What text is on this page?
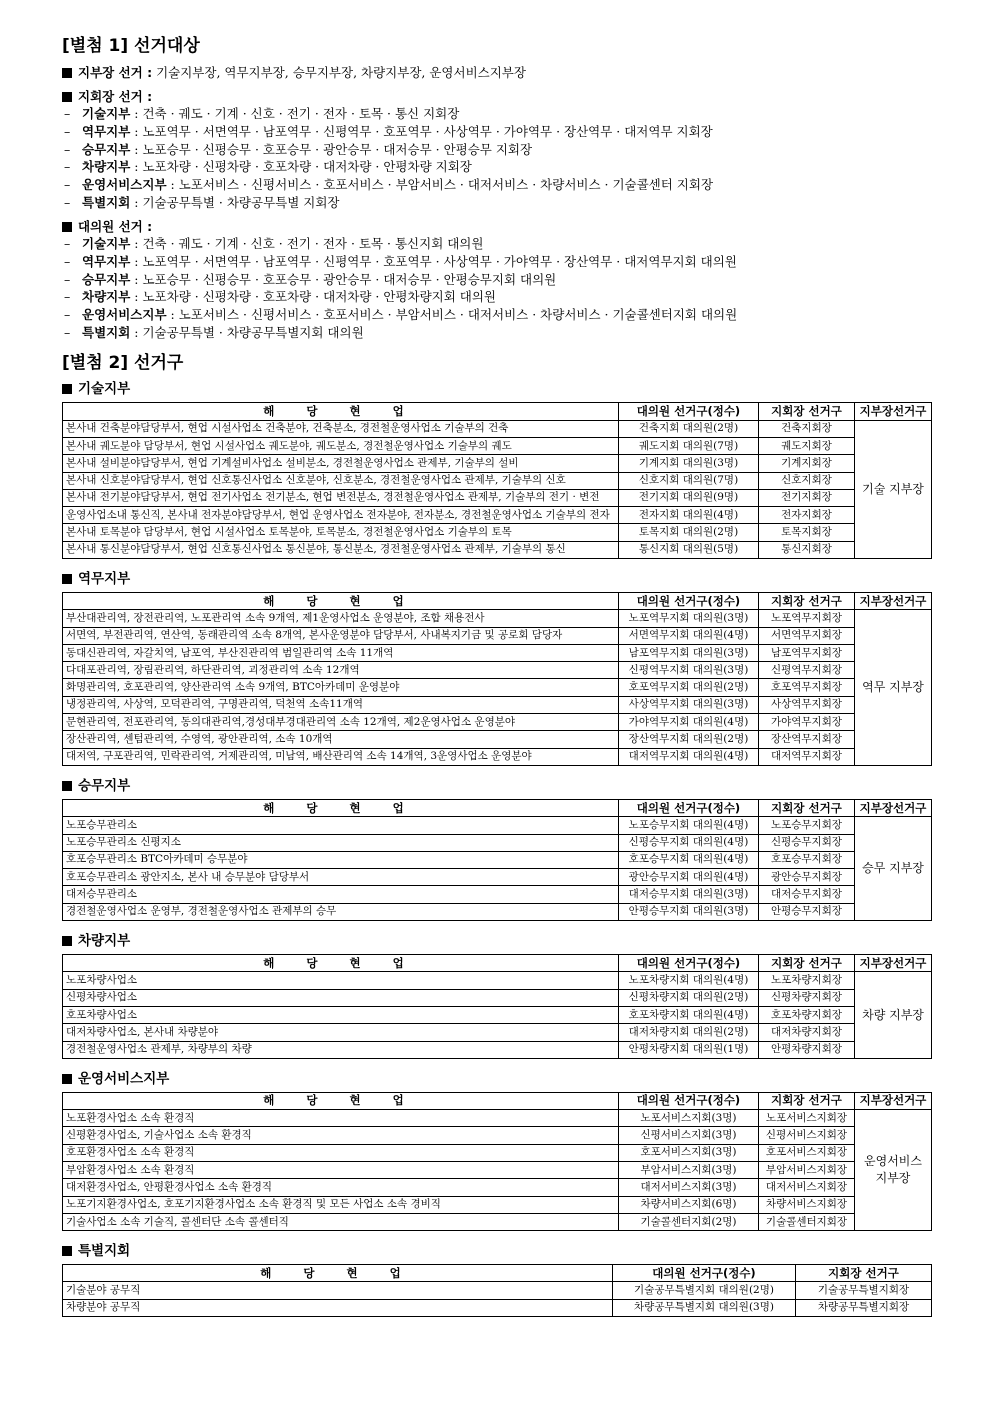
[별첨 1] 선거대상
지부장 선거 : 기술지부장, 역무지부장, 승무지부장, 차량지부장, 운영서비스지부장
지회장 선거 :
– 기술지부 : 건축 · 궤도 · 기계 · 신호 · 전기 · 전자 · 토목 · 통신 지회장
– 역무지부 : 노포역무 · 서면역무 · 남포역무 · 신평역무 · 호포역무 · 사상역무 · 가야역무 · 장산역무 · 대저역무 지회장
– 승무지부 : 노포승무 · 신평승무 · 호포승무 · 광안승무 · 대저승무 · 안평승무 지회장
– 차량지부 : 노포차량 · 신평차량 · 호포차량 · 대저차량 · 안평차량 지회장
– 운영서비스지부 : 노포서비스 · 신평서비스 · 호포서비스 · 부암서비스 · 대저서비스 · 차량서비스 · 기술콜센터 지회장
– 특별지회 : 기술공무특별 · 차량공무특별 지회장
대의원 선거 :
– 기술지부 : 건축 · 궤도 · 기계 · 신호 · 전기 · 전자 · 토목 · 통신지회 대의원
– 역무지부 : 노포역무 · 서면역무 · 남포역무 · 신평역무 · 호포역무 · 사상역무 · 가야역무 · 장산역무 · 대저역무지회 대의원
– 승무지부 : 노포승무 · 신평승무 · 호포승무 · 광안승무 · 대저승무 · 안평승무지회 대의원
– 차량지부 : 노포차량 · 신평차량 · 호포차량 · 대저차량 · 안평차량지회 대의원
– 운영서비스지부 : 노포서비스 · 신평서비스 · 호포서비스 · 부암서비스 · 대저서비스 · 차량서비스 · 기술콜센터지회 대의원
– 특별지회 : 기술공무특별 · 차량공무특별지회 대의원
[별첨 2] 선거구
기술지부
해 당 현 업	대의원 선거구(정수)	지회장 선거구	지부장선거구
본사내 건축분야담당부서, 현업 시설사업소 건축분야, 건축분소, 경전철운영사업소 기술부의 건축	건축지회 대의원(2명)	건축지회장	기술 지부장
본사내 궤도분야 담당부서, 현업 시설사업소 궤도분야, 궤도분소, 경전철운영사업소 기술부의 궤도	궤도지회 대의원(7명)	궤도지회장	
본사내 설비분야담당부서, 현업 기계설비사업소 설비분소, 경전철운영사업소 관제부, 기술부의 설비	기계지회 대의원(3명)	기계지회장	
본사내 신호분야담당부서, 현업 신호통신사업소 신호분야, 신호분소, 경전철운영사업소 관제부, 기술부의 신호	신호지회 대의원(7명)	신호지회장	
본사내 전기분야담당부서, 현업 전기사업소 전기분소, 현업 변전분소, 경전철운영사업소 관제부, 기술부의 전기 · 변전	전기지회 대의원(9명)	전기지회장	
운영사업소내 통신직, 본사내 전자분야담당부서, 현업 운영사업소 전자분야, 전자분소, 경전철운영사업소 기술부의 전자	전자지회 대의원(4명)	전자지회장	
본사내 토목분야 담당부서, 현업 시설사업소 토목분야, 토목분소, 경전철운영사업소 기술부의 토목	토목지회 대의원(2명)	토목지회장	
본사내 통신분야담당부서, 현업 신호통신사업소 통신분야, 통신분소, 경전철운영사업소 관제부, 기술부의 통신	통신지회 대의원(5명)	통신지회장	
역무지부
해 당 현 업	대의원 선거구(정수)	지회장 선거구	지부장선거구
부산대관리역, 장전관리역, 노포관리역 소속 9개역, 제1운영사업소 운영분야, 조합 채용전사	노포역무지회 대의원(3명)	노포역무지회장	역무 지부장
서면역, 부전관리역, 연산역, 동래관리역 소속 8개역, 본사운영분야 담당부서, 사내복지기금 및 공로회 담당자	서면역무지회 대의원(4명)	서면역무지회장	
동대신관리역, 자갈치역, 남포역, 부산진관리역 범일관리역 소속 11개역	남포역무지회 대의원(3명)	남포역무지회장	
다대포관리역, 장림관리역, 하단관리역, 괴정관리역 소속 12개역	신평역무지회 대의원(3명)	신평역무지회장	
화명관리역, 호포관리역, 양산관리역 소속 9개역, BTC아카데미 운영분야	호포역무지회 대의원(2명)	호포역무지회장	
냉정관리역, 사상역, 모덕관리역, 구명관리역, 덕천역 소속11개역	사상역무지회 대의원(3명)	사상역무지회장	
문현관리역, 전포관리역, 동의대관리역,경성대부경대관리역 소속 12개역, 제2운영사업소 운영분야	가야역무지회 대의원(4명)	가야역무지회장	
장산관리역, 센텀관리역, 수영역, 광안관리역, 소속 10개역	장산역무지회 대의원(2명)	장산역무지회장	
대저역, 구포관리역, 민락관리역, 거제관리역, 미남역, 배산관리역 소속 14개역, 3운영사업소 운영분야	대저역무지회 대의원(4명)	대저역무지회장	
승무지부
해 당 현 업	대의원 선거구(정수)	지회장 선거구	지부장선거구
노포승무관리소	노포승무지회 대의원(4명)	노포승무지회장	승무 지부장
노포승무관리소 신평지소	신평승무지회 대의원(4명)	신평승무지회장	
호포승무관리소 BTC아카데미 승무분야	호포승무지회 대의원(4명)	호포승무지회장	
호포승무관리소 광안지소, 본사 내 승무분야 담당부서	광안승무지회 대의원(4명)	광안승무지회장	
대저승무관리소	대저승무지회 대의원(3명)	대저승무지회장	
경전철운영사업소 운영부, 경전철운영사업소 관제부의 승무	안평승무지회 대의원(3명)	안평승무지회장	
차량지부
해 당 현 업	대의원 선거구(정수)	지회장 선거구	지부장선거구
노포차량사업소	노포차량지회 대의원(4명)	노포차량지회장	차량 지부장
신평차량사업소	신평차량지회 대의원(2명)	신평차량지회장	
호포차량사업소	호포차량지회 대의원(4명)	호포차량지회장	
대저차량사업소, 본사내 차량분야	대저차량지회 대의원(2명)	대저차량지회장	
경전철운영사업소 관제부, 차량부의 차량	안평차량지회 대의원(1명)	안평차량지회장	
운영서비스지부
해 당 현 업	대의원 선거구(정수)	지회장 선거구	지부장선거구
노포환경사업소 소속 환경직	노포서비스지회(3명)	노포서비스지회장	운영서비스 지부장
신평환경사업소, 기술사업소 소속 환경직	신평서비스지회(3명)	신평서비스지회장	
호포환경사업소 소속 환경직	호포서비스지회(3명)	호포서비스지회장	
부암환경사업소 소속 환경직	부암서비스지회(3명)	부암서비스지회장	
대저환경사업소, 안평환경사업소 소속 환경직	대저서비스지회(3명)	대저서비스지회장	
노포기지환경사업소, 호포기지환경사업소 소속 환경직 및 모든 사업소 소속 경비직	차량서비스지회(6명)	차량서비스지회장	
기술사업소 소속 기술직, 콜센터단 소속 콜센터직	기술콜센터지회(2명)	기술콜센터지회장	
특별지회
해 당 현 업	대의원 선거구(정수)	지회장 선거구
기술분야 공무직	기술공무특별지회 대의원(2명)	기술공무특별지회장
차량분야 공무직	차량공무특별지회 대의원(3명)	차량공무특별지회장
